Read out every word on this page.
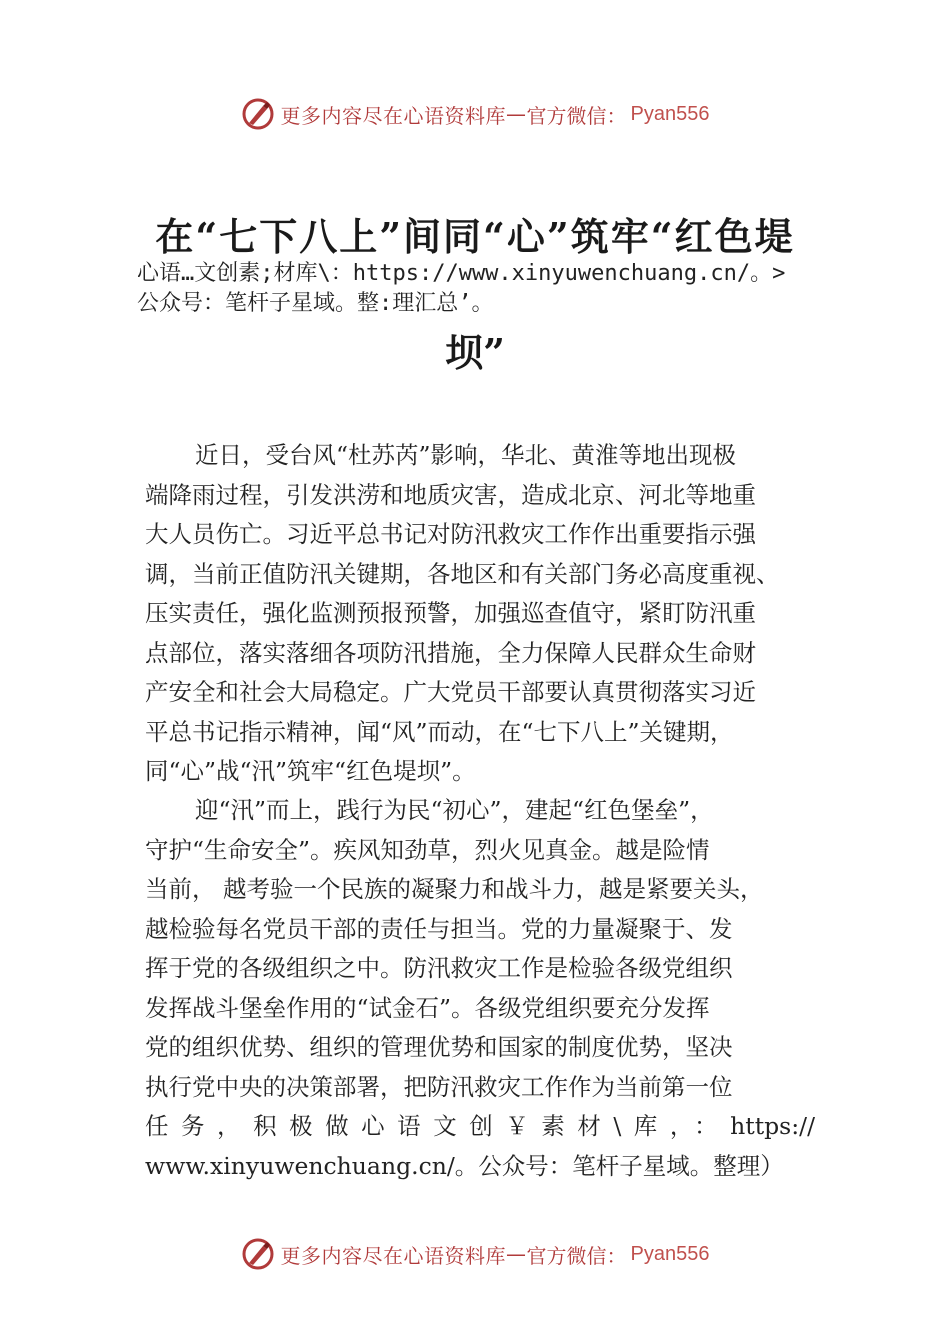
更多内容尽在心语资料库 — 官方微信： Pyan556
在“七下八上”间同“心”筑牢“红色堤
心语…文创素;材库\：https://www.xinyuwenchuang.cn/。>
公众号：笔杆子星域。整:理汇总’。
坝”
近日，受台风“杜苏芮”影响，华北、黄淮等地出现极
端降雨过程，引发洪涝和地质灾害，造成北京、河北等地重
大人员伤亡。习近平总书记对防汛救灾工作作出重要指示强
调，当前正值防汛关键期，各地区和有关部门务必高度重视、
压实责任，强化监测预报预警，加强巡查值守，紧盯防汛重
点部位，落实落细各项防汛措施，全力保障人民群众生命财
产安全和社会大局稳定。广大党员干部要认真贯彻落实习近
平总书记指示精神，闻“风”而动，在“七下八上”关键期，
同“心”战“汛”筑牢“红色堤坝”。
迎“汛”而上，践行为民“初心”，建起“红色堡垒”，
守护“生命安全”。疾风知劲草，烈火见真金。越是险情
当前， 越考验一个民族的凝聚力和战斗力，越是紧要关头，
越检验每名党员干部的责任与担当。党的力量凝聚于、发
挥于党的各级组织之中。防汛救灾工作是检验各级党组织
发挥战斗堡垒作用的“试金石”。各级党组织要充分发挥
党的组织优势、组织的管理优势和国家的制度优势，坚决
执行党中央的决策部署，把防汛救灾工作作为当前第一位
任务，积极做心语文创￥素材\库，：https://
www.xinyuwenchuang.cn/。公众号：笔杆子星域。整理）
更多内容尽在心语资料库 — 官方微信： Pyan556
